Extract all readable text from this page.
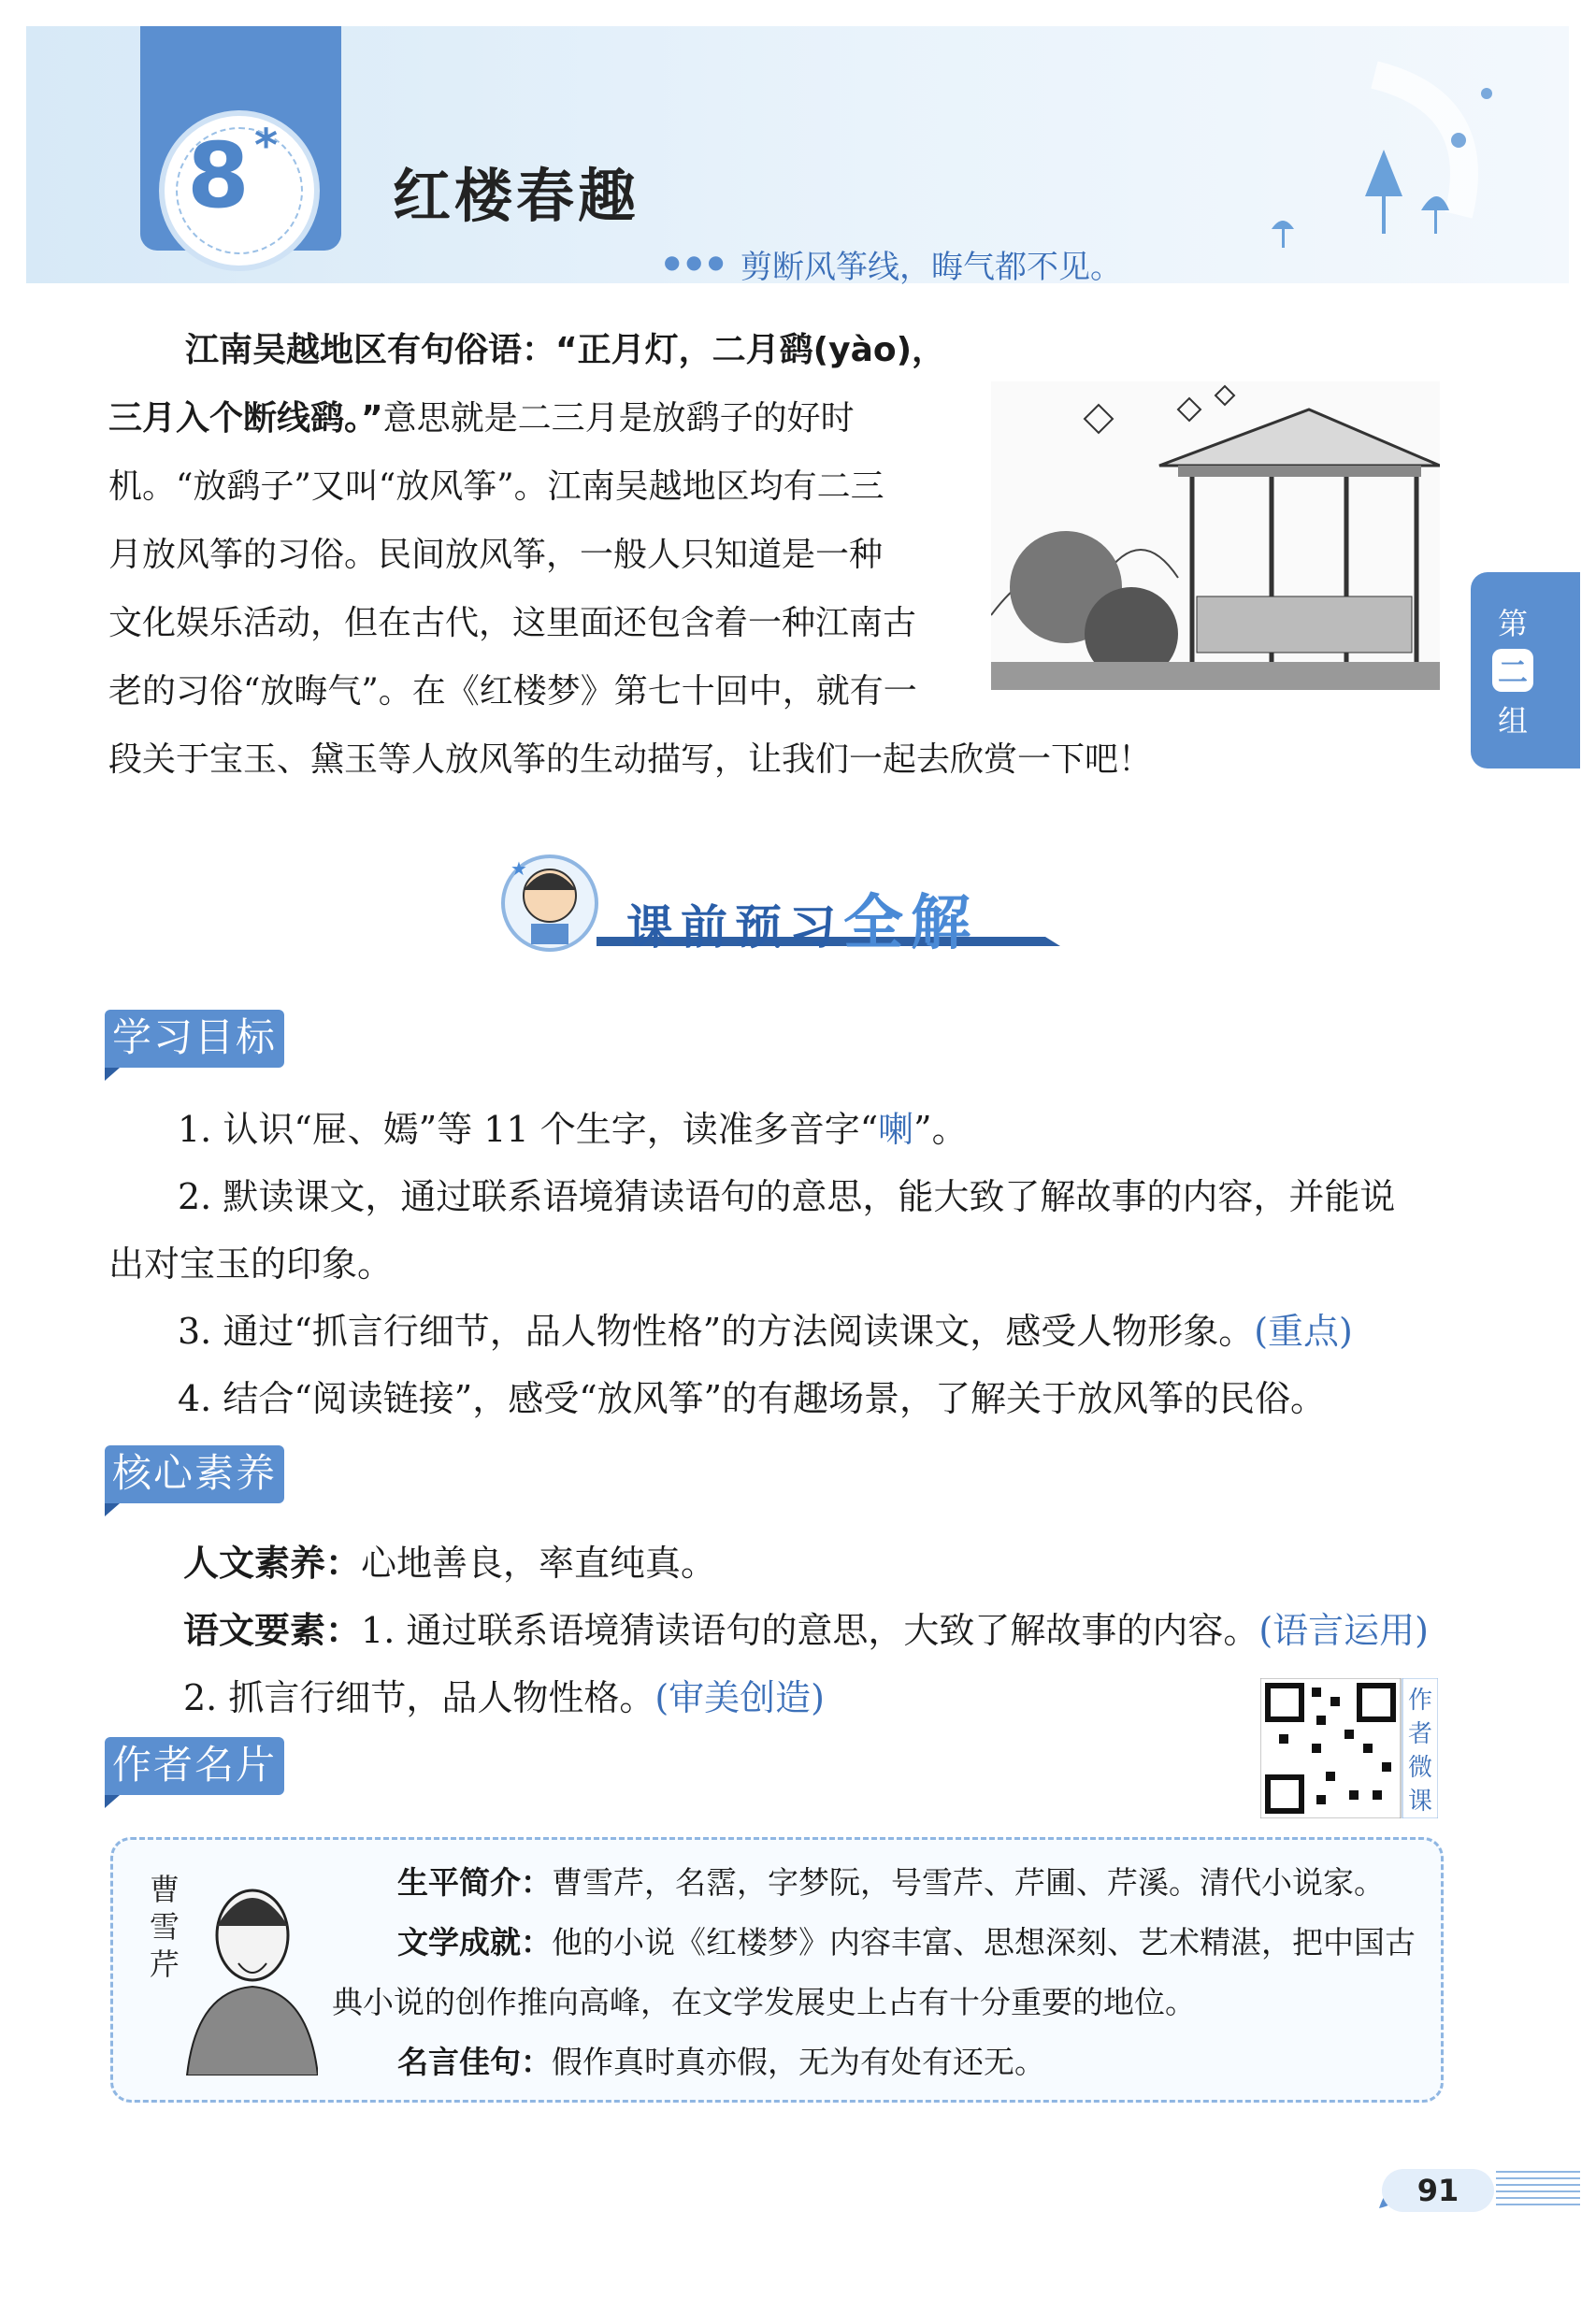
8 *
红楼春趣
●●● 剪断风筝线，晦气都不见。
第
二
组
江南吴越地区有句俗语：“正月灯，二月鹞(yào)，
三月入个断线鹞。”意思就是二三月是放鹞子的好时
机。“放鹞子”又叫“放风筝”。江南吴越地区均有二三
月放风筝的习俗。民间放风筝，一般人只知道是一种
文化娱乐活动，但在古代，这里面还包含着一种江南古
老的习俗“放晦气”。在《红楼梦》第七十回中，就有一
段关于宝玉、黛玉等人放风筝的生动描写，让我们一起去欣赏一下吧！
★
课前预习全解
学习目标
1. 认识“屉、嫣”等 11 个生字，读准多音字“喇”。
2. 默读课文，通过联系语境猜读语句的意思，能大致了解故事的内容，并能说
出对宝玉的印象。
3. 通过“抓言行细节，品人物性格”的方法阅读课文，感受人物形象。(重点)
4. 结合“阅读链接”，感受“放风筝”的有趣场景，了解关于放风筝的民俗。
核心素养
人文素养：心地善良，率直纯真。
语文要素：1. 通过联系语境猜读语句的意思，大致了解故事的内容。(语言运用)
2. 抓言行细节，品人物性格。(审美创造)	作
者
微
课
作者名片
曹
雪
芹
生平简介：曹雪芹，名霑，字梦阮，号雪芹、芹圃、芹溪。清代小说家。
文学成就：他的小说《红楼梦》内容丰富、思想深刻、艺术精湛，把中国古
典小说的创作推向高峰，在文学发展史上占有十分重要的地位。
名言佳句：假作真时真亦假，无为有处有还无。
91
